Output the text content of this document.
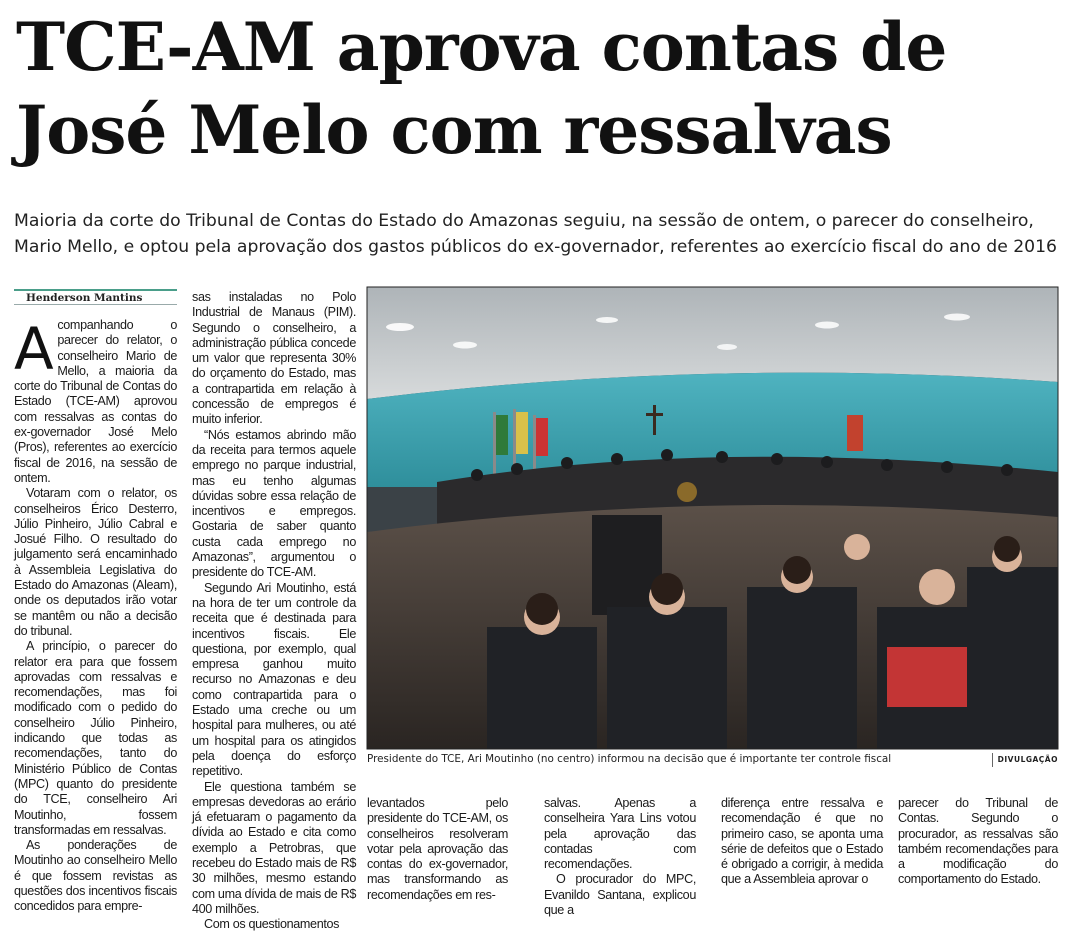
TCE-AM aprova contas de
José Melo com ressalvas
Maioria da corte do Tribunal de Contas do Estado do Amazonas seguiu, na sessão de ontem, o parecer do conselheiro, Mario Mello, e optou pela aprovação dos gastos públicos do ex-governador, referentes ao exercício fiscal do ano de 2016
Henderson Mantins

Acompanhando o parecer do relator, o conselheiro Mario de Mello, a maioria da corte do Tribunal de Contas do Estado (TCE-AM) aprovou com ressalvas as contas do ex-governador José Melo (Pros), referentes ao exercício fiscal de 2016, na sessão de ontem.

Votaram com o relator, os conselheiros Érico Desterro, Júlio Pinheiro, Júlio Cabral e Josué Filho. O resultado do julgamento será encaminhado à Assembleia Legislativa do Estado do Amazonas (Aleam), onde os deputados irão votar se mantêm ou não a decisão do tribunal.

A princípio, o parecer do relator era para que fossem aprovadas com ressalvas e recomendações, mas foi modificado com o pedido do conselheiro Júlio Pinheiro, indicando que todas as recomendações, tanto do Ministério Público de Contas (MPC) quanto do presidente do TCE, conselheiro Ari Moutinho, fossem transformadas em ressalvas.

As ponderações de Moutinho ao conselheiro Mello é que fossem revistas as questões dos incentivos fiscais concedidos para empre-

sas instaladas no Polo Industrial de Manaus (PIM). Segundo o conselheiro, a administração pública concede um valor que representa 30% do orçamento do Estado, mas a contrapartida em relação à concessão de empregos é muito inferior.

“Nós estamos abrindo mão da receita para termos aquele emprego no parque industrial, mas eu tenho algumas dúvidas sobre essa relação de incentivos e empregos. Gostaria de saber quanto custa cada emprego no Amazonas”, argumentou o presidente do TCE-AM.

Segundo Ari Moutinho, está na hora de ter um controle da receita que é destinada para incentivos fiscais. Ele questiona, por exemplo, qual empresa ganhou muito recurso no Amazonas e deu como contrapartida para o Estado uma creche ou um hospital para mulheres, ou até um hospital para os atingidos pela doença do esforço repetitivo.

Ele questiona também se empresas devedoras ao erário já efetuaram o pagamento da dívida ao Estado e cita como exemplo a Petrobras, que recebeu do Estado mais de R$ 30 milhões, mesmo estando com uma dívida de mais de R$ 400 milhões.

Com os questionamentos

Presidente do TCE, Ari Moutinho (no centro) informou na decisão que é importante ter controle fiscal	DIVULGAÇÃO

levantados pelo presidente do TCE-AM, os conselheiros resolveram votar pela aprovação das contas do ex-governador, mas transformando as recomendações em res-

salvas. Apenas a conselheira Yara Lins votou pela aprovação das contadas com recomendações.

O procurador do MPC, Evanildo Santana, explicou que a

diferença entre ressalva e recomendação é que no primeiro caso, se aponta uma série de defeitos que o Estado é obrigado a corrigir, à medida que a Assembleia aprovar o

parecer do Tribunal de Contas. Segundo o procurador, as ressalvas são também recomendações para a modificação do comportamento do Estado.
